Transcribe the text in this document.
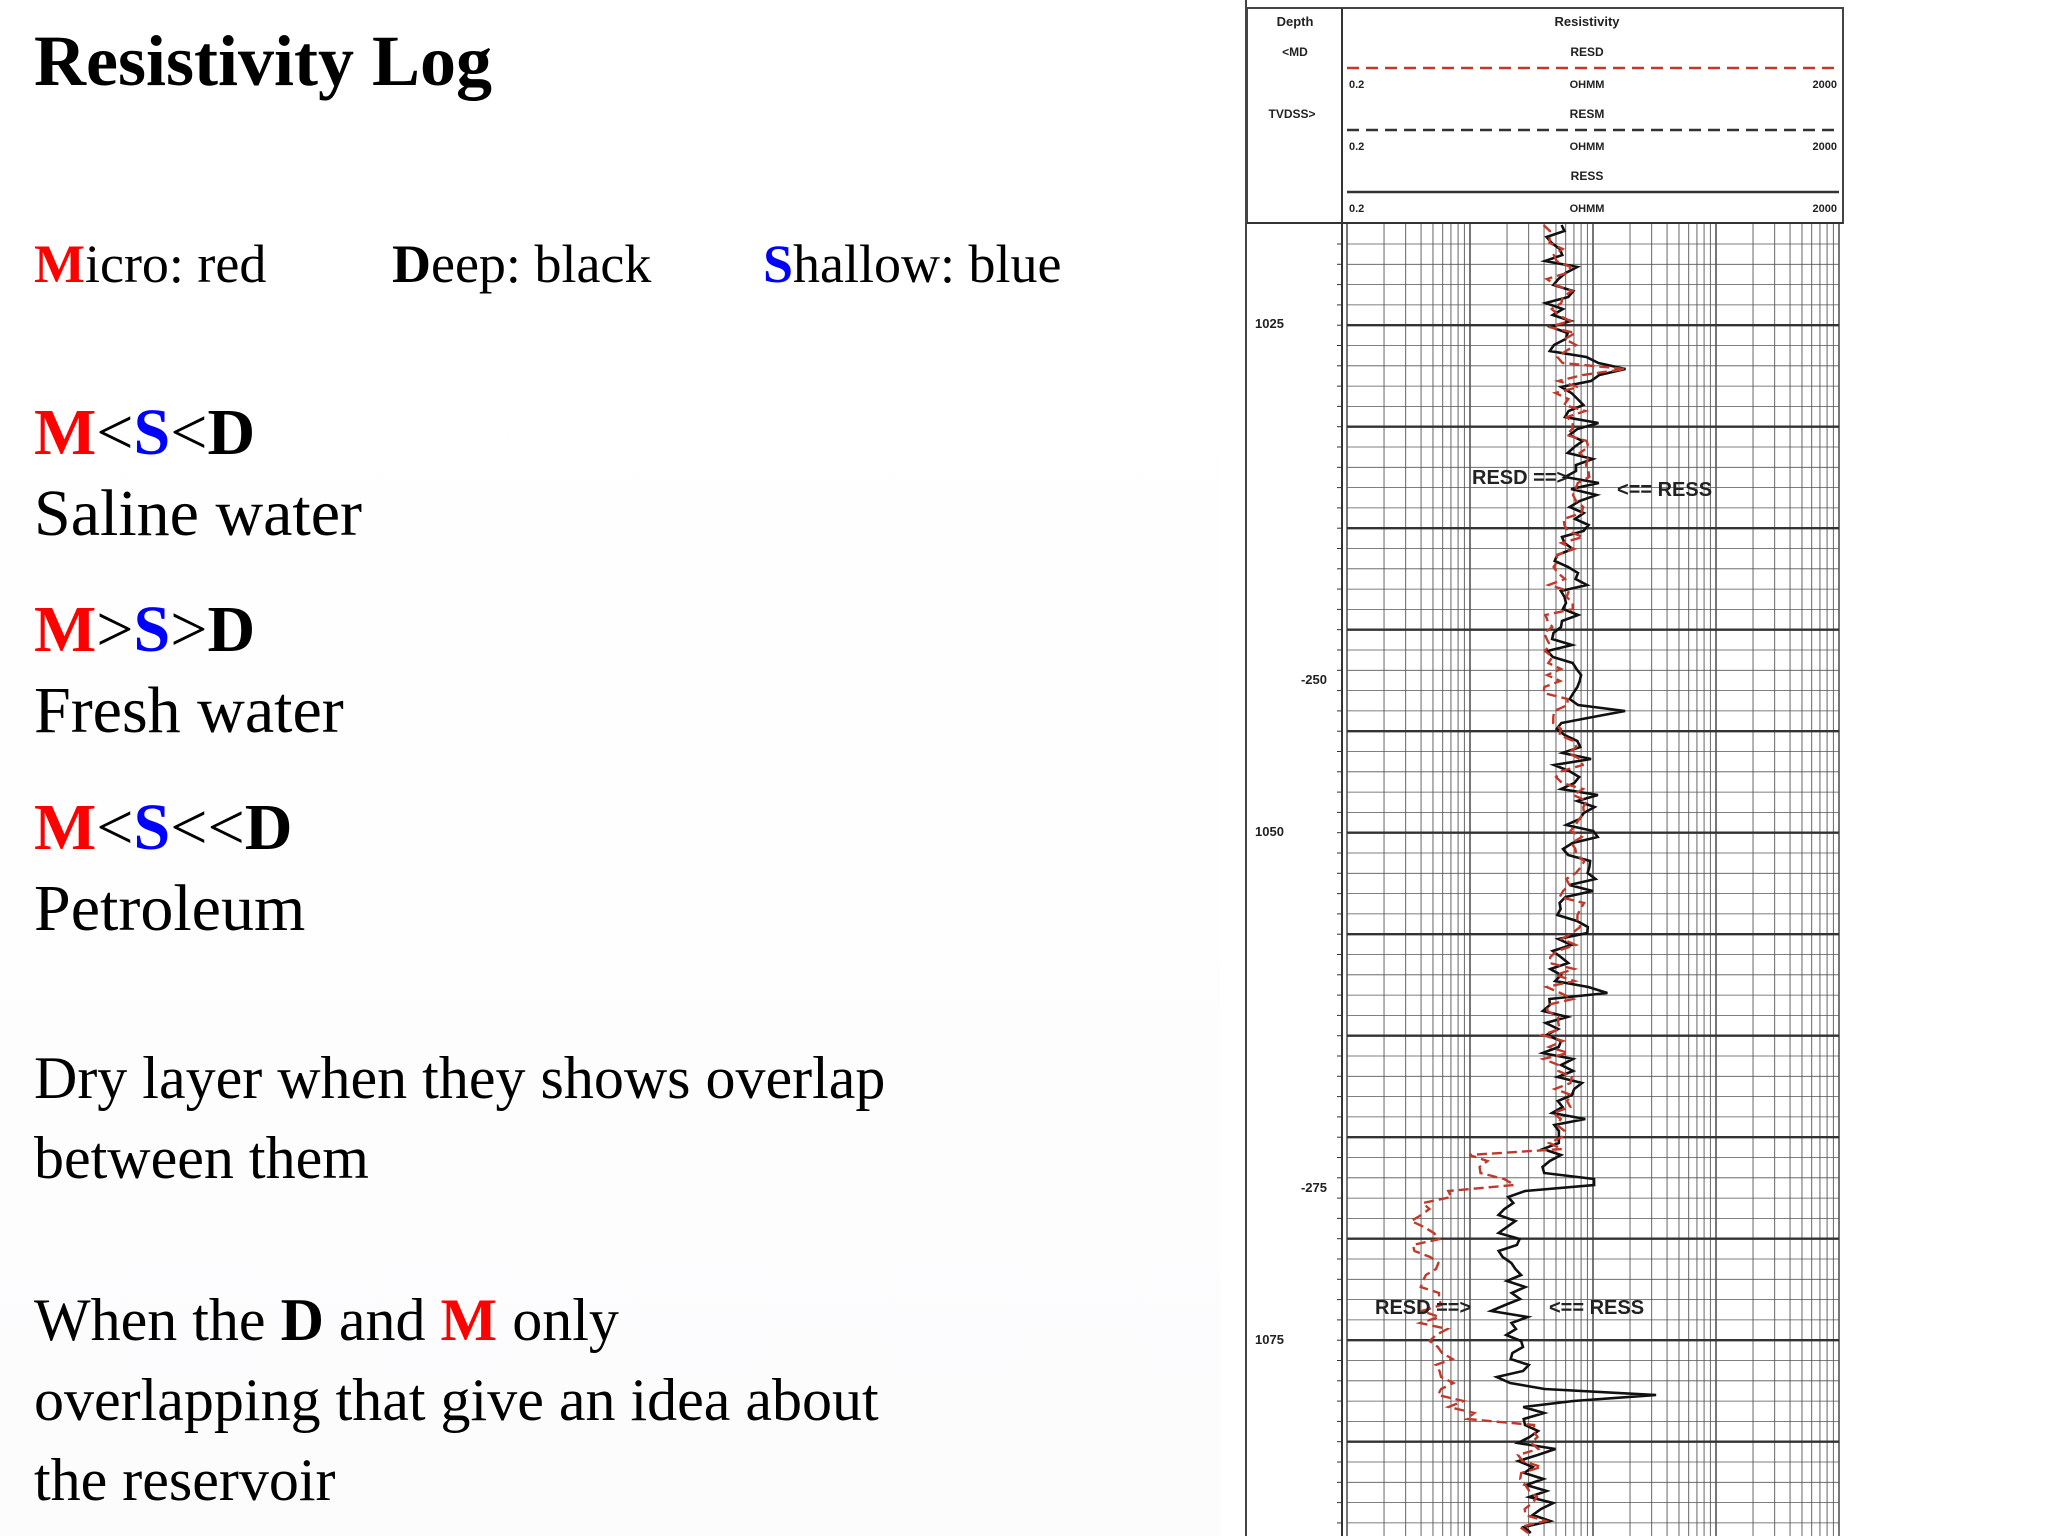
Resistivity Log
Micro: red Deep: black Shallow: blue
M<S<D
Saline water
M>S>D
Fresh water
M<S<<D
Petroleum
Dry layer when they shows overlap
between them
When the D and M only
overlapping that give an idea about
the reservoir
Depth
<MD
TVDSS>
Resistivity
RESD
0.2	OHMM	2000
RESM
0.2	OHMM	2000
RESS
0.2	OHMM	2000
1025
1050
1075
-250
-275
RESD ==>
<== RESS
RESD ==>	<== RESS
